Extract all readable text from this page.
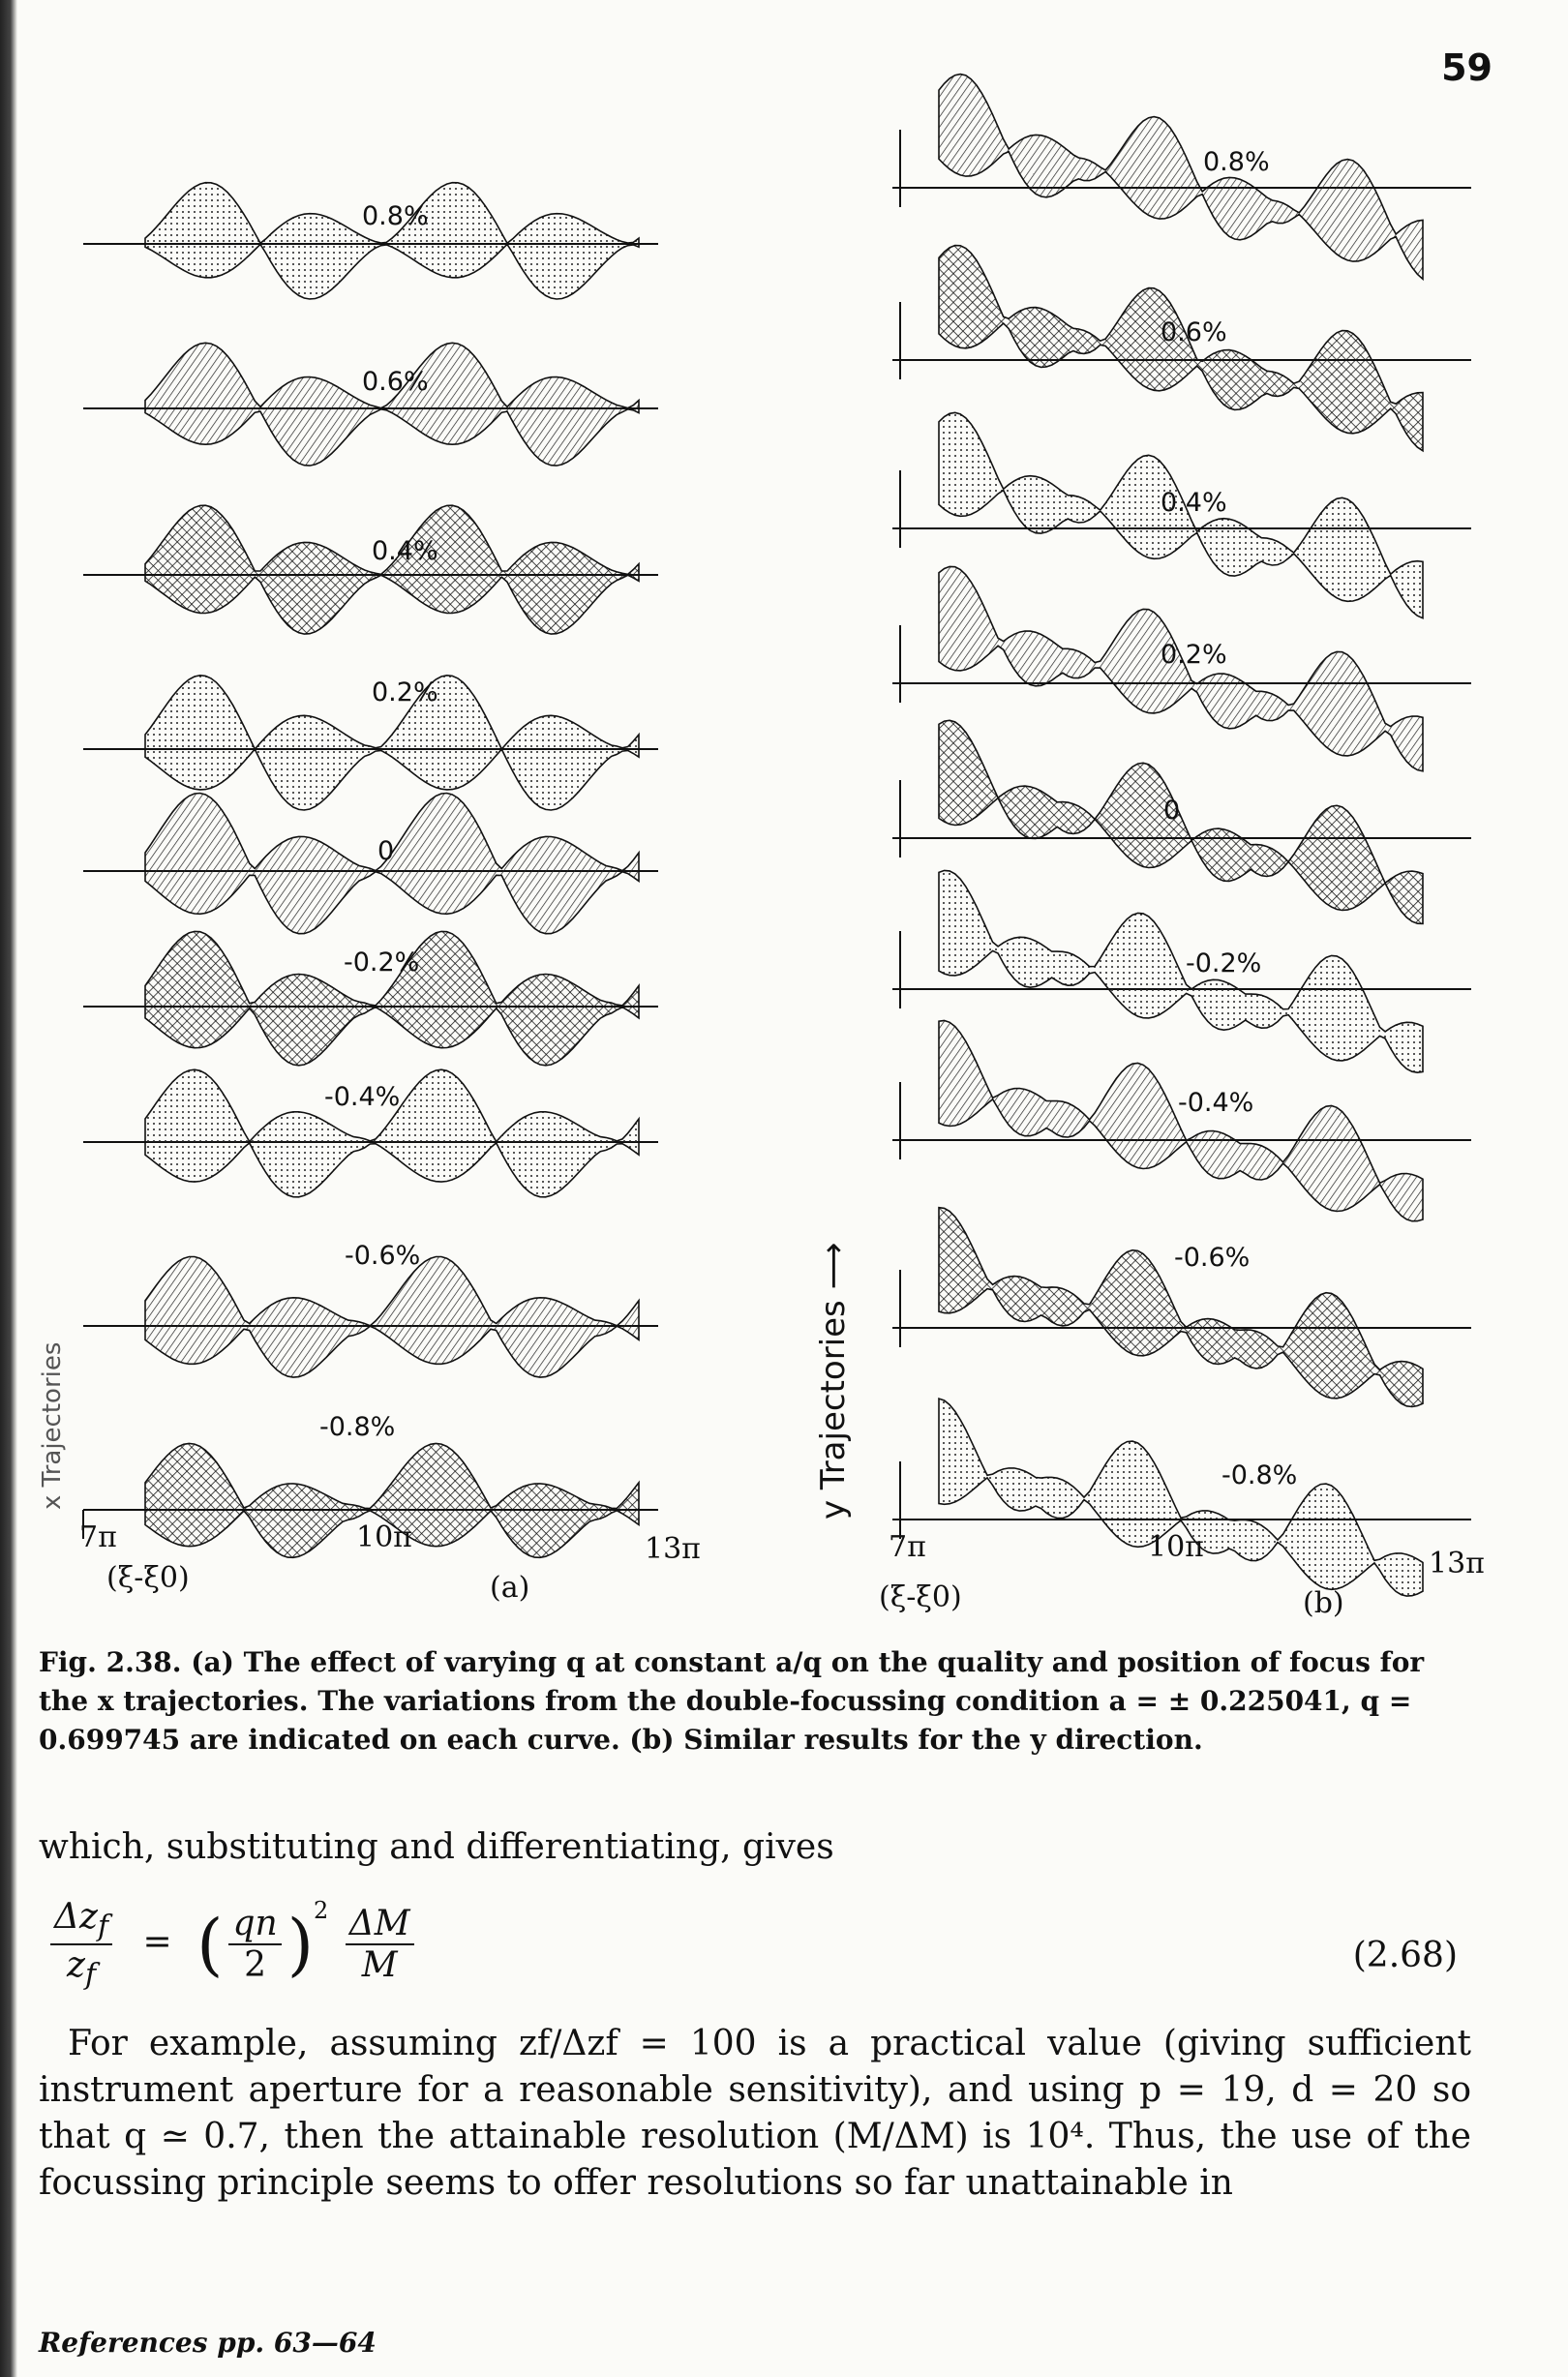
59
0.8%
0.6%
0.4%
0.2%
0
-0.2%
-0.4%
-0.6%
-0.8%
0.8%
0.6%
0.4%
0.2%
0
-0.2%
-0.4%
-0.6%
-0.8%
7π	10π	13π
(ξ-ξ0)	(a)
x Trajectories
7π	10π	13π
(ξ-ξ0)	(b)
y Trajectories ⟶
Fig. 2.38. (a) The effect of varying q at constant a/q on the quality and position of focus for the x trajectories. The variations from the double-focussing condition a = ± 0.225041, q = 0.699745 are indicated on each curve. (b) Similar results for the y direction.
which, substituting and differentiating, gives
$\frac{\Delta z_f}{z_f}$ = ( $\frac{qn}{2} )^2 \frac{\Delta M}{M}$	(2.68)
For example, assuming zf/Δzf = 100 is a practical value (giving sufficient instrument aperture for a reasonable sensitivity), and using p = 19, d = 20 so that q ≃ 0.7, then the attainable resolution (M/ΔM) is 10⁴. Thus, the use of the focussing principle seems to offer resolutions so far unattainable in
References pp. 63—64
